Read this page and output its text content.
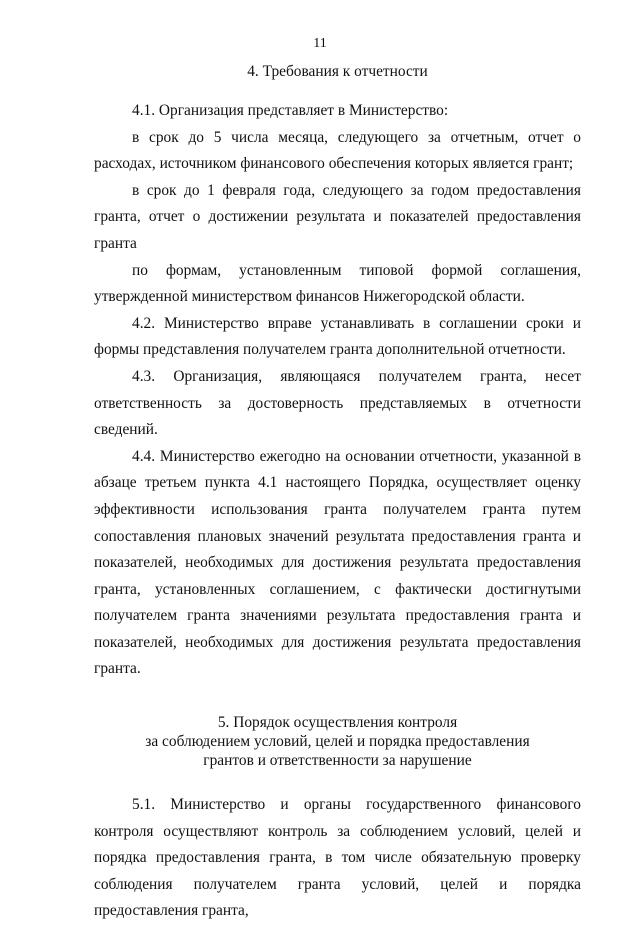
11

4. Требования к отчетности

4.1. Организация представляет в Министерство:

в срок до 5 числа месяца, следующего за отчетным, отчет о расходах, источником финансового обеспечения которых является грант;

в срок до 1 февраля года, следующего за годом предоставления гранта, отчет о достижении результата и показателей предоставления гранта

по формам, установленным типовой формой соглашения, утвержденной министерством финансов Нижегородской области.

4.2. Министерство вправе устанавливать в соглашении сроки и формы представления получателем гранта дополнительной отчетности.

4.3. Организация, являющаяся получателем гранта, несет ответственность за достоверность представляемых в отчетности сведений.

4.4. Министерство ежегодно на основании отчетности, указанной в абзаце третьем пункта 4.1 настоящего Порядка, осуществляет оценку эффективности использования гранта получателем гранта путем сопоставления плановых значений результата предоставления гранта и показателей, необходимых для достижения результата предоставления гранта, установленных соглашением, с фактически достигнутыми получателем гранта значениями результата предоставления гранта и показателей, необходимых для достижения результата предоставления гранта.

5. Порядок осуществления контроля
за соблюдением условий, целей и порядка предоставления
грантов и ответственности за нарушение

5.1. Министерство и органы государственного финансового контроля осуществляют контроль за соблюдением условий, целей и порядка предоставления гранта, в том числе обязательную проверку соблюдения получателем гранта условий, целей и порядка предоставления гранта,
